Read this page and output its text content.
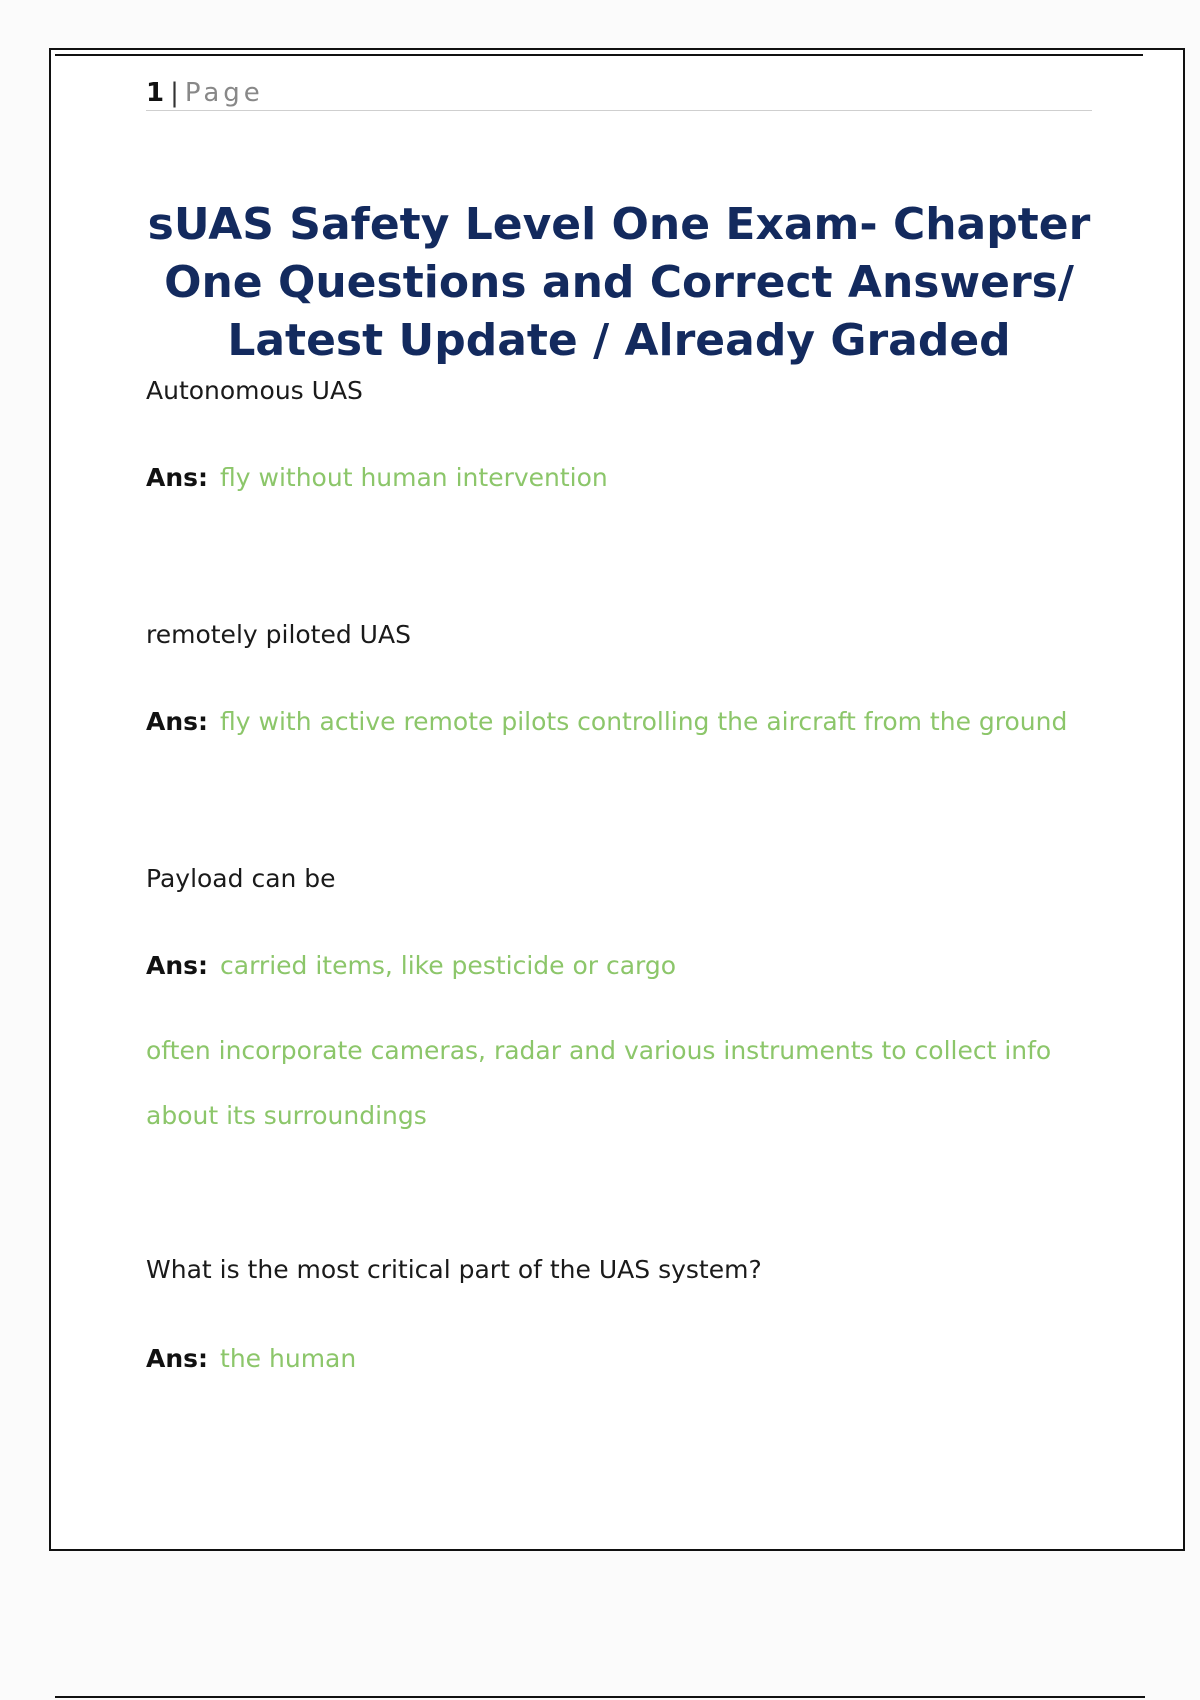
1 | Page
sUAS Safety Level One Exam- Chapter One Questions and Correct Answers/ Latest Update / Already Graded

Autonomous UAS

Ans: fly without human intervention

remotely piloted UAS

Ans: fly with active remote pilots controlling the aircraft from the ground

Payload can be

Ans: carried items, like pesticide or cargo

often incorporate cameras, radar and various instruments to collect info

about its surroundings

What is the most critical part of the UAS system?

Ans: the human
